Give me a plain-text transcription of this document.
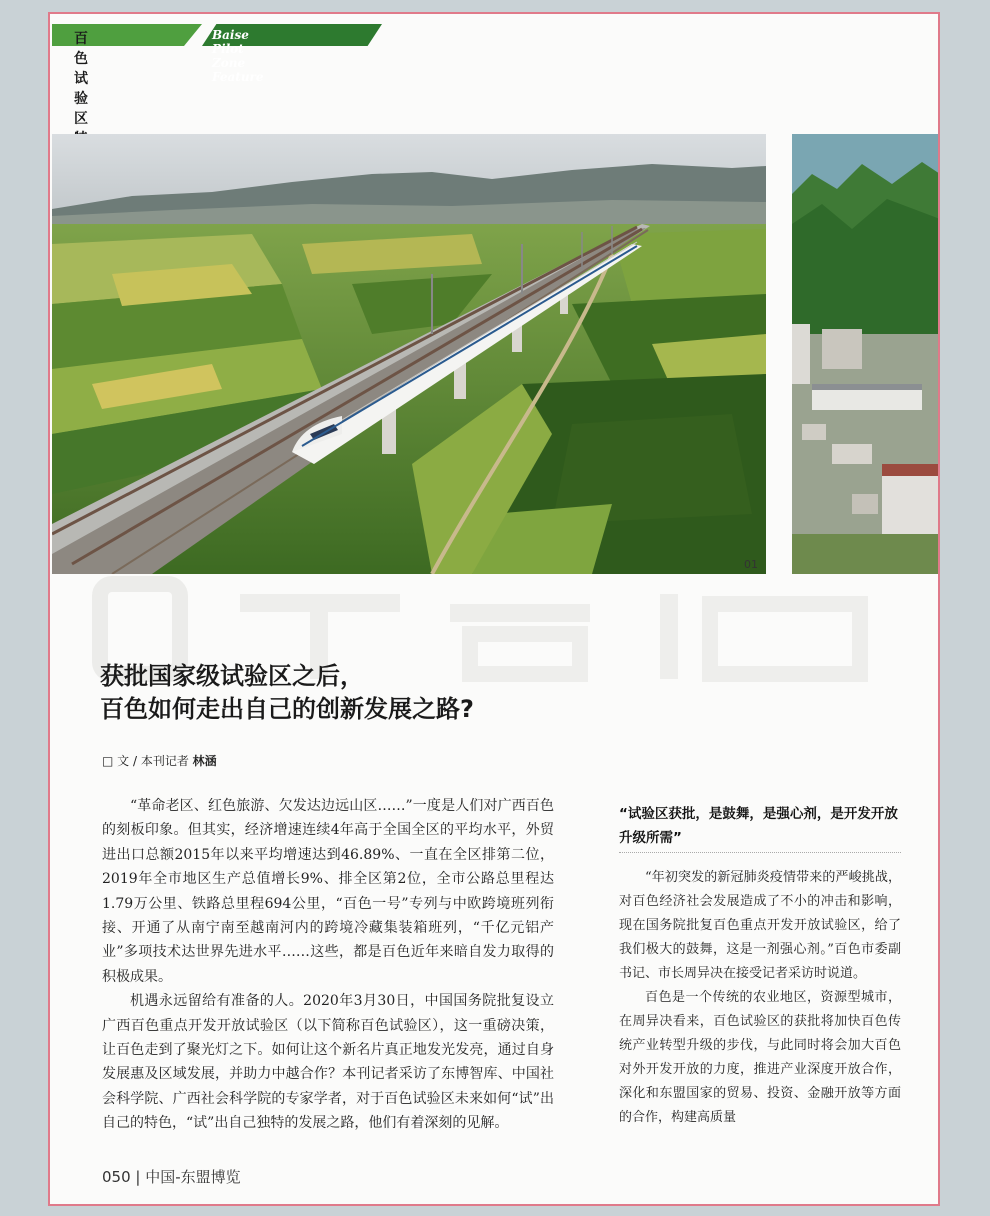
百色试验区
Baise Pilot Zone Feature
01
获批国家级试验区之后，
百色如何走出自己的创新发展之路?
□ 文 / 本刊记者 林涵

“革命老区、红色旅游、欠发达边远山区……”一度是人们对广西百色的刻板印象。但其实，经济增速连续4年高于全国全区的平均水平，外贸进出口总额2015年以来平均增速达到46.89%、一直在全区排第二位，2019年全市地区生产总值增长9%、排全区第2位，全市公路总里程达1.79万公里、铁路总里程694公里，“百色一号”专列与中欧跨境班列衔接、开通了从南宁南至越南河内的跨境冷藏集装箱班列，“千亿元铝产业”多项技术达世界先进水平……这些，都是百色近年来暗自发力取得的积极成果。

机遇永远留给有准备的人。2020年3月30日，中国国务院批复设立广西百色重点开发开放试验区（以下简称百色试验区），这一重磅决策，让百色走到了聚光灯之下。如何让这个新名片真正地发光发亮，通过自身发展惠及区域发展，并助力中越合作？本刊记者采访了东博智库、中国社会科学院、广西社会科学院的专家学者，对于百色试验区未来如何“试”出自己的特色，“试”出自己独特的发展之路，他们有着深刻的见解。

“试验区获批，是鼓舞，是强心剂，是开发开放升级所需”

“年初突发的新冠肺炎疫情带来的严峻挑战，对百色经济社会发展造成了不小的冲击和影响，现在国务院批复百色重点开发开放试验区，给了我们极大的鼓舞，这是一剂强心剂。”百色市委副书记、市长周异决在接受记者采访时说道。

百色是一个传统的农业地区，资源型城市，在周异决看来，百色试验区的获批将加快百色传统产业转型升级的步伐，与此同时将会加大百色对外开发开放的力度，推进产业深度开放合作，深化和东盟国家的贸易、投资、金融开放等方面的合作，构建高质量

050 | 中国-东盟博览
